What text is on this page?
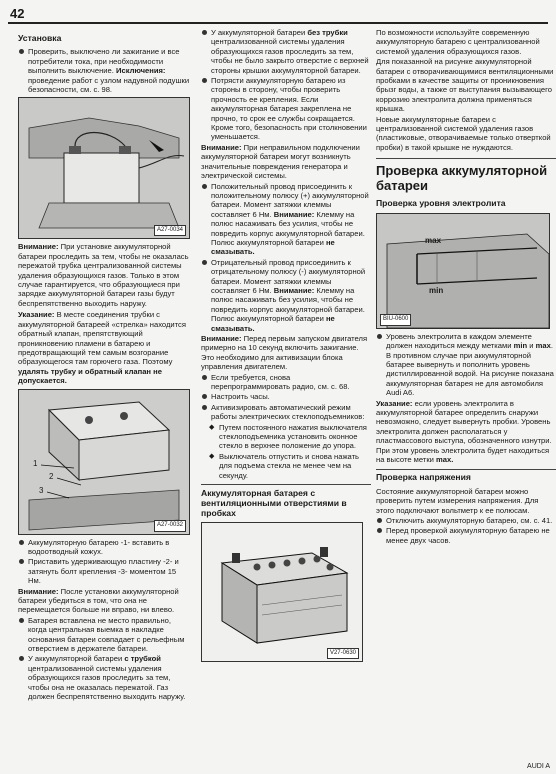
42
Установка
Проверить, выключено ли зажигание и все потребители тока, при необходимости выполнить выключение. Исключения: проведение работ с узлом надувной подушки безопасности, см. с. 98.
A27-0034
Внимание: При установке аккумуляторной батареи проследить за тем, чтобы не оказалась пережатой трубка централизованной системы удаления образующихся газов. Только в этом случае гарантируется, что образующиеся при зарядке аккумуляторной батареи газы будут беспрепятственно выходить наружу.
Указание: В месте соединения трубки с аккумуляторной батареей «стрелка» находится обратный клапан, препятствующий проникновению пламени в батарею и предотвращающий тем самым возгорание образующегося там горючего газа. Поэтому удалять трубку и обратный клапан не допускается.
1
2
3
A27-0032
Аккумуляторную батарею -1- вставить в водоотводный кожух.
Приставить удерживающую пластину -2- и затянуть болт крепления -3- моментом 15 Нм.
Внимание: После установки аккумуляторной батареи убедиться в том, что она не перемещается больше ни вправо, ни влево.
Батарея вставлена не место правильно, когда центральная выемка в накладке основания батареи совпадает с рельефным отверстием в держателе батареи.
У аккумуляторной батареи с трубкой централизованной системы удаления образующихся газов проследить за тем, чтобы она не оказалась пережатой. Газ должен беспрепятственно выходить наружу.
У аккумуляторной батареи без трубки централизованной системы удаления образующихся газов проследить за тем, чтобы не было закрыто отверстие с верхней стороны крышки аккумуляторной батареи.
Потрясти аккумуляторную батарею из стороны в сторону, чтобы проверить прочность ее крепления. Если аккумуляторная батарея закреплена не прочно, то срок ее службы сокращается. Кроме того, безопасность при столкновении уменьшается.
Внимание: При неправильном подключении аккумуляторной батареи могут возникнуть значительные повреждения генератора и электрической системы.
Положительный провод присоединить к положительному полюсу (+) аккумуляторной батареи. Момент затяжки клеммы составляет 6 Нм. Внимание: Клемму на полюс насаживать без усилия, чтобы не повредить корпус аккумуляторной батареи. Полюс аккумуляторной батареи не смазывать.
Отрицательный провод присоединить к отрицательному полюсу (-) аккумуляторной батареи. Момент затяжки клеммы составляет 6 Нм. Внимание: Клемму на полюс насаживать без усилия, чтобы не повредить корпус аккумуляторной батареи. Полюс аккумуляторной батареи не смазывать.
Внимание: Перед первым запуском двигателя примерно на 10 секунд включить зажигание. Это необходимо для активизации блока управления двигателем.
Если требуется, снова перепрограммировать радио, см. с. 68.
Настроить часы.
Активизировать автоматический режим работы электрических стеклоподъемников:
◆ Путем постоянного нажатия выключателя стеклоподъемника установить оконное стекло в верхнее положение до упора.
◆ Выключатель отпустить и снова нажать для подъема стекла не менее чем на секунду.
Аккумуляторная батарея с вентиляционными отверстиями в пробках
V27-0630
По возможности используйте современную аккумуляторную батарею с централизованной системой удаления образующихся газов.
Для показанной на рисунке аккумуляторной батареи с отворачивающимися вентиляционными пробками в качестве защиты от проникновения брызг воды, а также от выступания вызывающего коррозию электролита должна применяться крышка.
Новые аккумуляторные батареи с централизованной системой удаления газов (пластиковые, отворачиваемые только отверткой пробки) в такой крышке не нуждаются.
Проверка аккумуляторной батареи
Проверка уровня электролита
max
min
BIU-0600
Уровень электролита в каждом элементе должен находиться между метками min и max. В противном случае при аккумуляторной батарее вывернуть и пополнить уровень дистиллированной водой. На рисунке показана аккумуляторная батарея не для автомобиля Audi A6.
Указание: если уровень электролита в аккумуляторной батарее определить снаружи невозможно, следует вывернуть пробки. Уровень электролита должен располагаться у пластмассового выступа, обозначенного изнутри. При этом уровень электролита будет находиться на высоте метки max.
Проверка напряжения
Состояние аккумуляторной батареи можно проверить путем измерения напряжения. Для этого подключают вольтметр к ее полюсам.
Отключить аккумуляторную батарею, см. с. 41.
Перед проверкой аккумуляторную батарею не менее двух часов.
AUDI A
